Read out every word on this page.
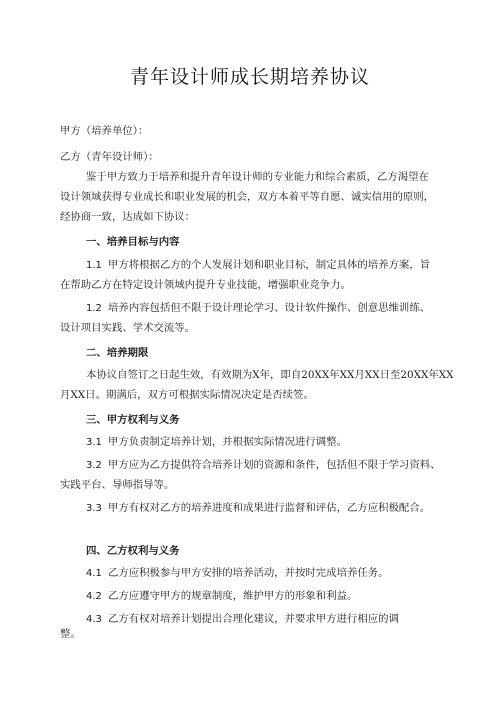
青年设计师成长期培养协议
甲方（培养单位）：
乙方（青年设计师）：
鉴于甲方致力于培养和提升青年设计师的专业能力和综合素质，乙方渴望在
设计领域获得专业成长和职业发展的机会，双方本着平等自愿、诚实信用的原则，
经协商一致，达成如下协议：
一、培养目标与内容
1.1 甲方将根据乙方的个人发展计划和职业目标，制定具体的培养方案，旨
在帮助乙方在特定设计领域内提升专业技能，增强职业竞争力。
1.2 培养内容包括但不限于设计理论学习、设计软件操作、创意思维训练、
设计项目实践、学术交流等。
二、培养期限
本协议自签订之日起生效，有效期为X年，即自20XX年XX月XX日至20XX年XX
月XX日。期满后，双方可根据实际情况决定是否续签。
三、甲方权利与义务
3.1 甲方负责制定培养计划，并根据实际情况进行调整。
3.2 甲方应为乙方提供符合培养计划的资源和条件，包括但不限于学习资料、
实践平台、导师指导等。
3.3 甲方有权对乙方的培养进度和成果进行监督和评估，乙方应积极配合。
四、乙方权利与义务
4.1 乙方应积极参与甲方安排的培养活动，并按时完成培养任务。
4.2 乙方应遵守甲方的规章制度，维护甲方的形象和利益。
4.3 乙方有权对培养计划提出合理化建议，并要求甲方进行相应的调
整。
